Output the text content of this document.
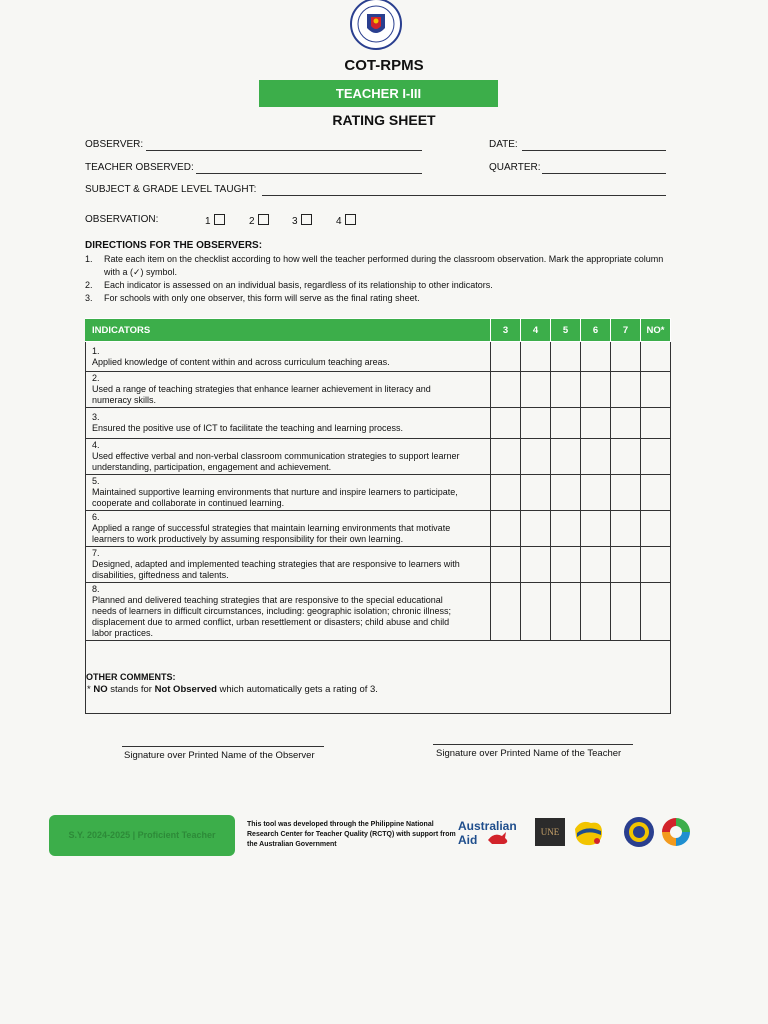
COT-RPMS
TEACHER I-III
RATING SHEET
OBSERVER:	DATE:
TEACHER OBSERVED:	QUARTER:
SUBJECT & GRADE LEVEL TAUGHT:
OBSERVATION:	1	2	3	4
DIRECTIONS FOR THE OBSERVERS:
1. Rate each item on the checklist according to how well the teacher performed during the classroom observation. Mark the appropriate column with a (✓) symbol.
2. Each indicator is assessed on an individual basis, regardless of its relationship to other indicators.
3. For schools with only one observer, this form will serve as the final rating sheet.
INDICATORS	3	4	5	6	7	NO*
1.Applied knowledge of content within and across curriculum teaching areas.						
2.Used a range of teaching strategies that enhance learner achievement in literacy and numeracy skills.						
3.Ensured the positive use of ICT to facilitate the teaching and learning process.						
4.Used effective verbal and non-verbal classroom communication strategies to support learner understanding, participation, engagement and achievement.						
5.Maintained supportive learning environments that nurture and inspire learners to participate, cooperate and collaborate in continued learning.						
6.Applied a range of successful strategies that maintain learning environments that motivate learners to work productively by assuming responsibility for their own learning.						
7.Designed, adapted and implemented teaching strategies that are responsive to learners with disabilities, giftedness and talents.						
8.Planned and delivered teaching strategies that are responsive to the special educational needs of learners in difficult circumstances, including: geographic isolation; chronic illness; displacement due to armed conflict, urban resettlement or disasters; child abuse and child labor practices.						
OTHER COMMENTS:						
* NO stands for Not Observed which automatically gets a rating of 3.
Signature over Printed Name of the Observer	Signature over Printed Name of the Teacher
S.Y. 2024-2025 | Proficient Teacher
This tool was developed through the Philippine National Research Center for Teacher Quality (RCTQ) with support from the Australian Government
Australian
Aid
UNE
